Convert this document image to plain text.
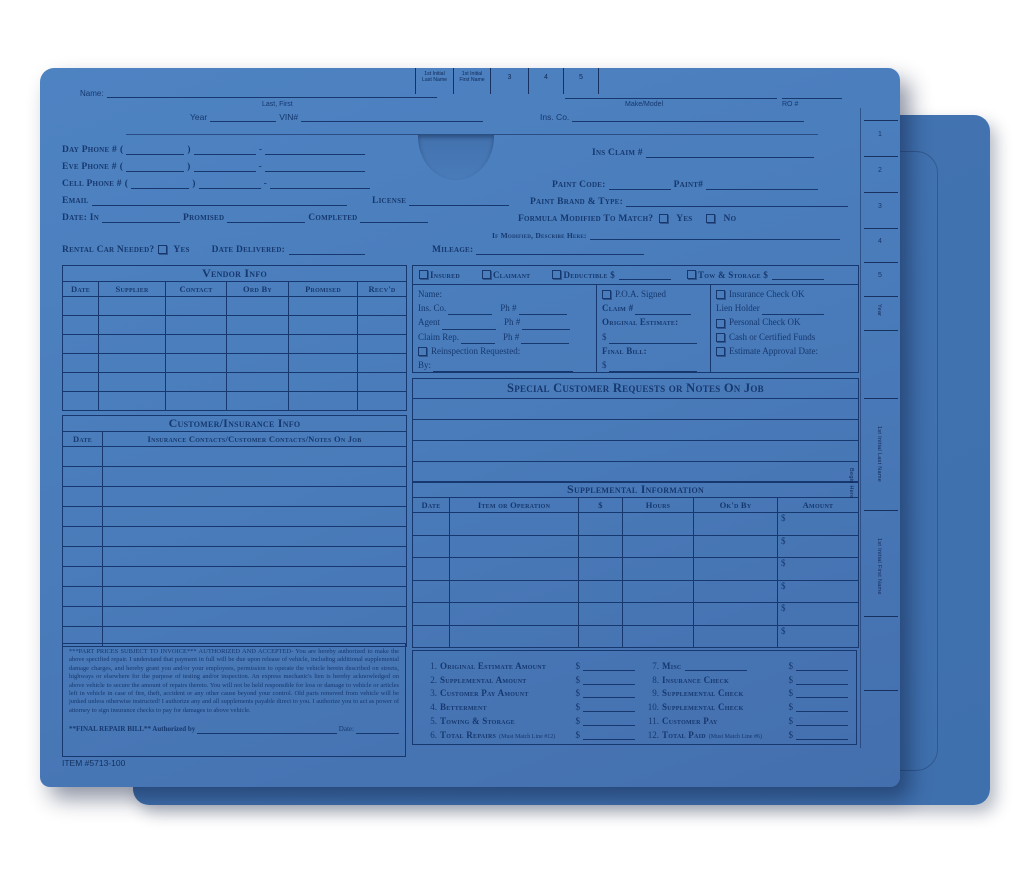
1st Initial
Last Name
1st Initial
First Name	3	4	5
Name:
Last, First	Make/Model	RO #
Year	VIN#	Ins. Co.
Day Phone # (	)	-
Eve Phone # (	)	-
Cell Phone # (	)	-
Email	License
Date: In	Promised	Completed
Ins Claim #
Paint Code:	Paint#
Paint Brand & Type:
Formula Modified To Match? Yes	No
If Modified, Describe Here:
Rental Car Needed? Yes Date Delivered:	Mileage:
Vendor Info
Date	Supplier	Contact	Ord By	Promised	Recv'd
Customer/Insurance Info
Date	Insurance Contacts/Customer Contacts/Notes On Job
***PART PRICES SUBJECT TO INVOICE*** AUTHORIZED AND ACCEPTED- You are hereby authorized to make the above specified repair. I understand that payment in full will be due upon release of vehicle, including additional supplemental damage charges, and hereby grant you and/or your employees, permission to operate the vehicle herein described on streets, highways or elsewhere for the purpose of testing and/or inspection. An express mechanic's lien is hereby acknowledged on above vehicle to secure the amount of repairs thereto. You will not be held responsible for loss or damage to vehicle or articles left in vehicle in case of fire, theft, accident or any other cause beyond your control. Old parts removed from vehicle will be junked unless otherwise instructed! I authorize any and all supplements payable direct to you. I authorize you to act as power of attorney to sign insurance checks to pay for damages to above vehicle.
**FINAL REPAIR BILL** Authorized by	Date:
ITEM #5713-100
Insured	Claimant	Deductible $	Tow & Storage $
Name:
Ins. Co.	Ph #
Agent	Ph #
Claim Rep.	Ph #
Reinspection Requested:
By:
P.O.A. Signed
Claim #
Original Estimate:
$
Final Bill:
$
Insurance Check OK
Lien Holder
Personal Check OK
Cash or Certified Funds
Estimate Approval Date:
Special Customer Requests or Notes On Job
Supplemental Information
Date	Item or Operation	$	Hours	Ok'd By	Amount
$
$
$
$
$
$
1. Original Estimate Amount	$
2. Supplemental Amount	$
3. Customer Pay Amount	$
4. Betterment	$
5. Towing & Storage	$
6. Total Repairs (Must Match Line #12) $
7. Misc	$
8. Insurance Check	$
9. Supplemental Check	$
10. Supplemental Check	$
11. Customer Pay	$
12. Total Paid (Must Match Line #6)	$
1
2
3
4
5
Year
1st Initial Last Name
Begin Here
1st Initial First Name
